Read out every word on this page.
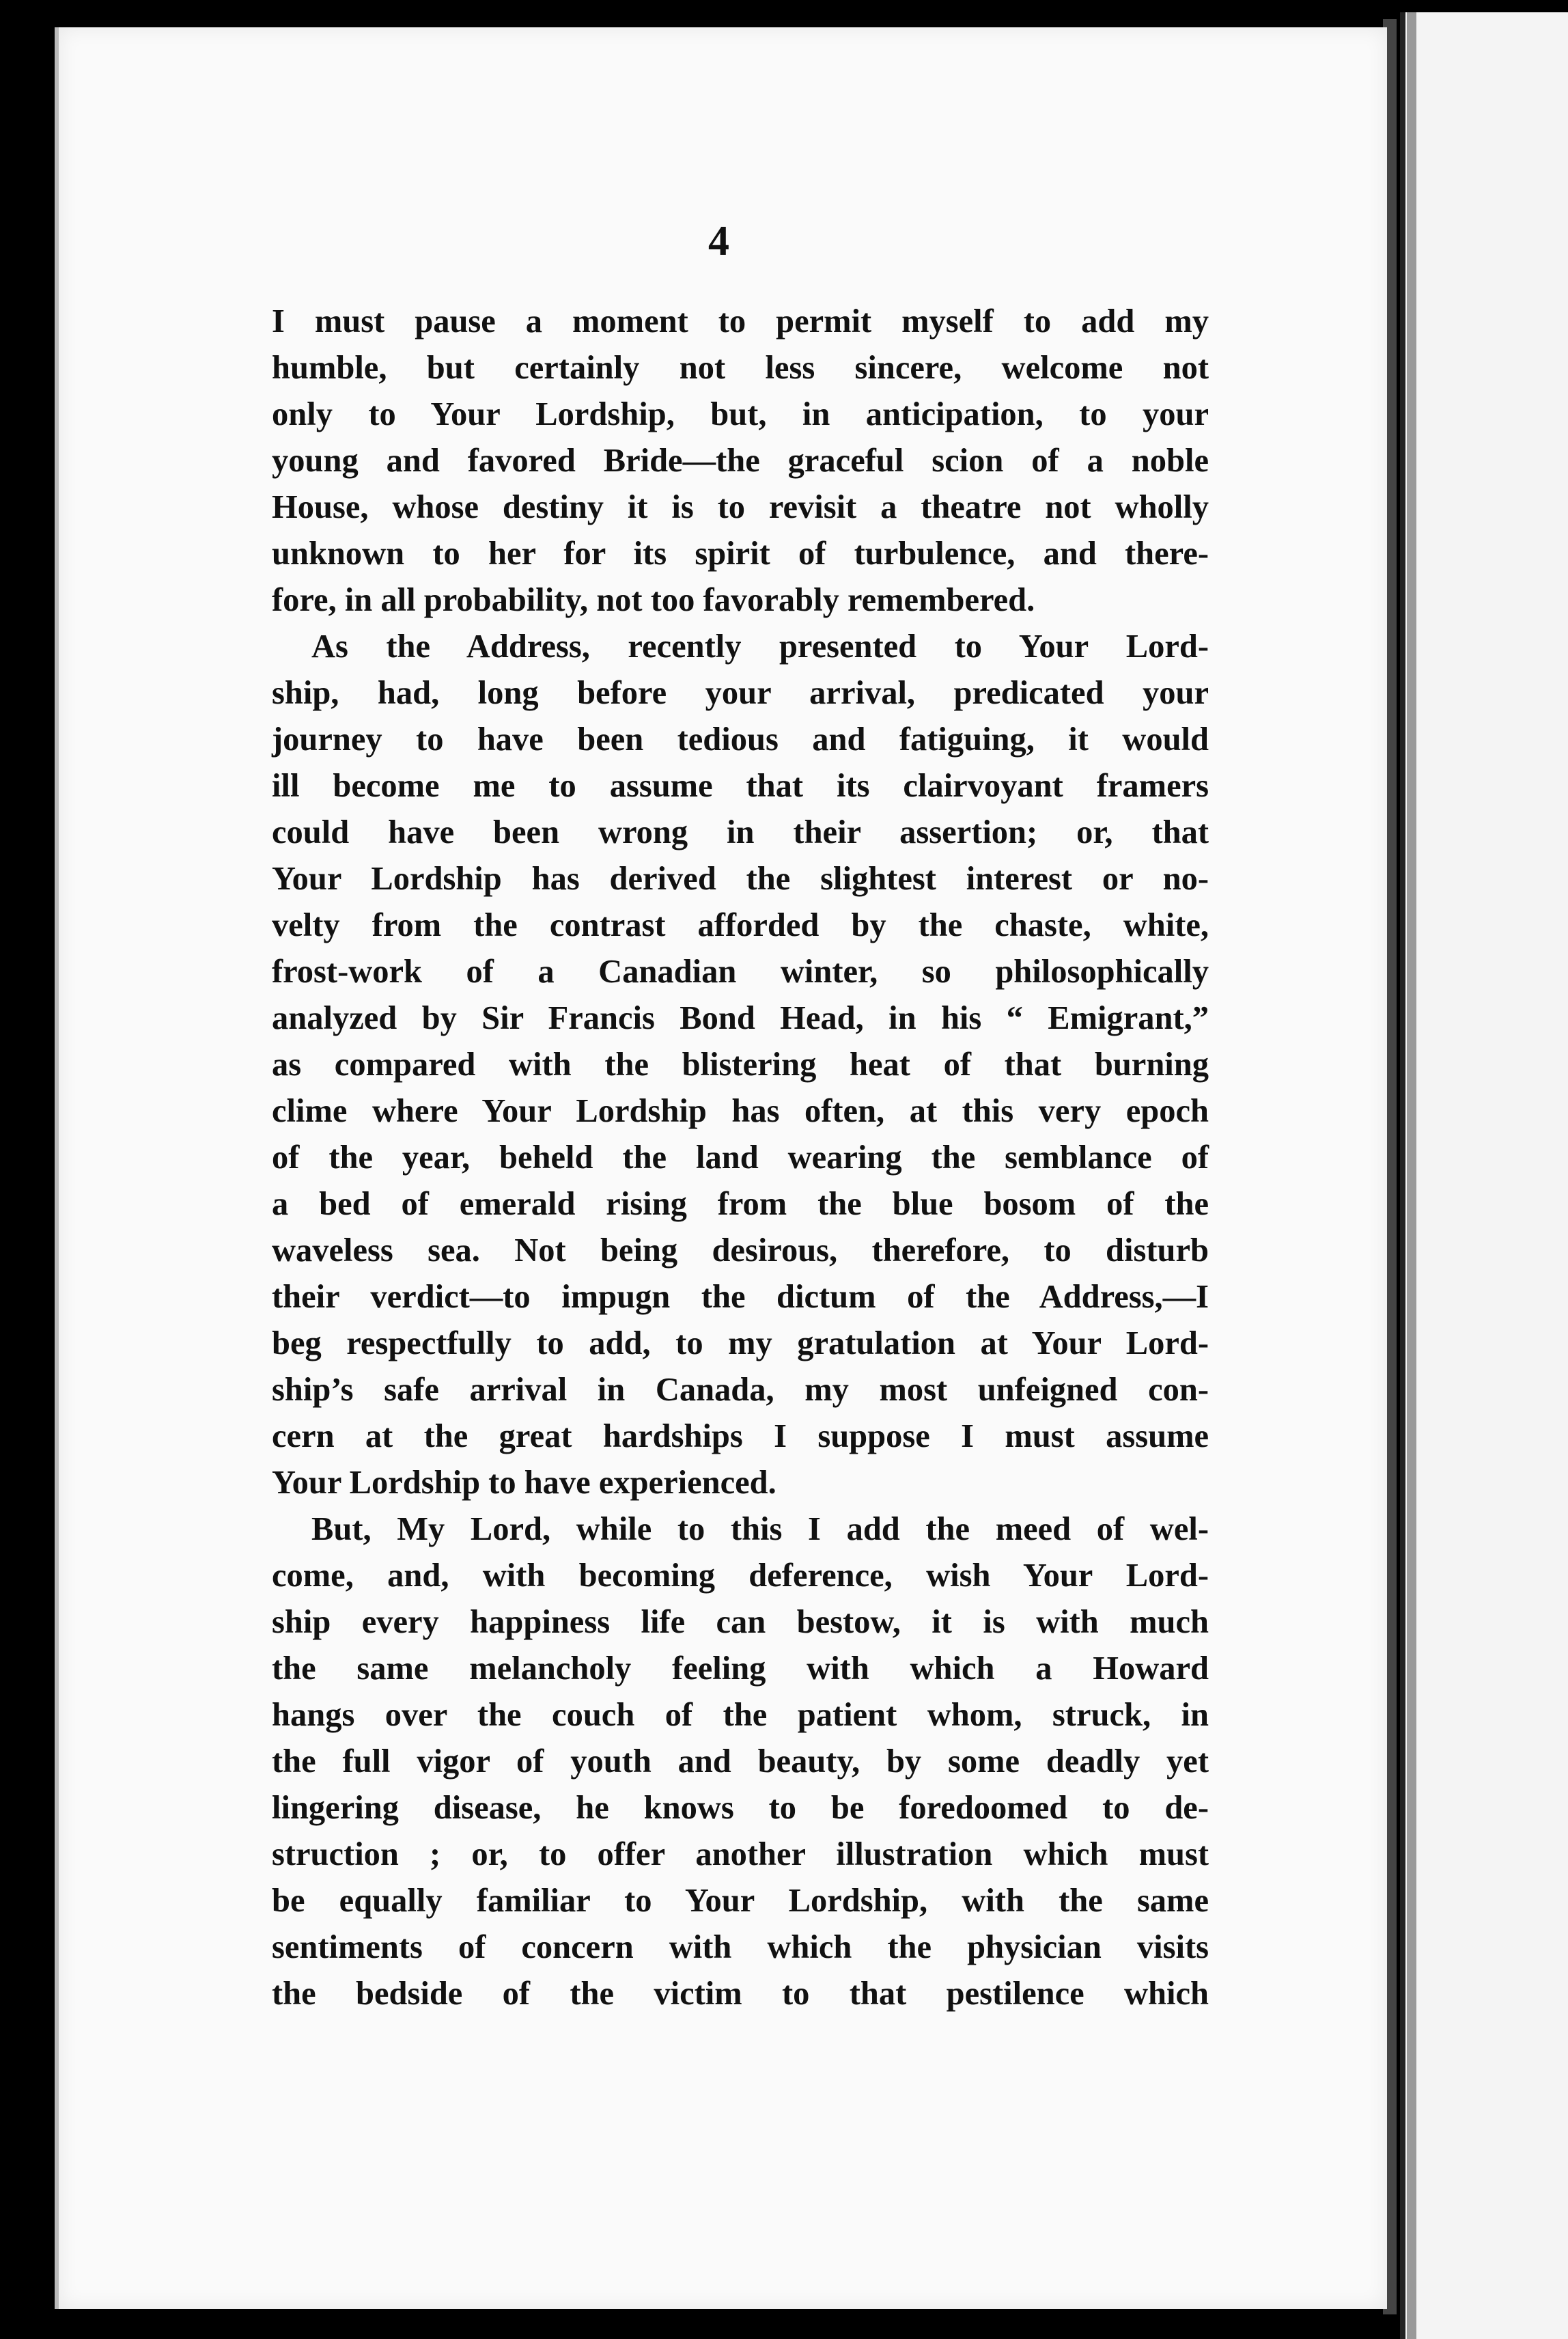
4
I must pause a moment to permit myself to add my
humble, but certainly not less sincere, welcome not
only to Your Lordship, but, in anticipation, to your
young and favored Bride—the graceful scion of a noble
House, whose destiny it is to revisit a theatre not wholly
unknown to her for its spirit of turbulence, and there-
fore, in all probability, not too favorably remembered.
As the Address, recently presented to Your Lord-
ship, had, long before your arrival, predicated your
journey to have been tedious and fatiguing, it would
ill become me to assume that its clairvoyant framers
could have been wrong in their assertion; or, that
Your Lordship has derived the slightest interest or no-
velty from the contrast afforded by the chaste, white,
frost-work of a Canadian winter, so philosophically
analyzed by Sir Francis Bond Head, in his “ Emigrant,”
as compared with the blistering heat of that burning
clime where Your Lordship has often, at this very epoch
of the year, beheld the land wearing the semblance of
a bed of emerald rising from the blue bosom of the
waveless sea. Not being desirous, therefore, to disturb
their verdict—to impugn the dictum of the Address,—I
beg respectfully to add, to my gratulation at Your Lord-
ship’s safe arrival in Canada, my most unfeigned con-
cern at the great hardships I suppose I must assume
Your Lordship to have experienced.
But, My Lord, while to this I add the meed of wel-
come, and, with becoming deference, wish Your Lord-
ship every happiness life can bestow, it is with much
the same melancholy feeling with which a Howard
hangs over the couch of the patient whom, struck, in
the full vigor of youth and beauty, by some deadly yet
lingering disease, he knows to be foredoomed to de-
struction ; or, to offer another illustration which must
be equally familiar to Your Lordship, with the same
sentiments of concern with which the physician visits
the bedside of the victim to that pestilence which
